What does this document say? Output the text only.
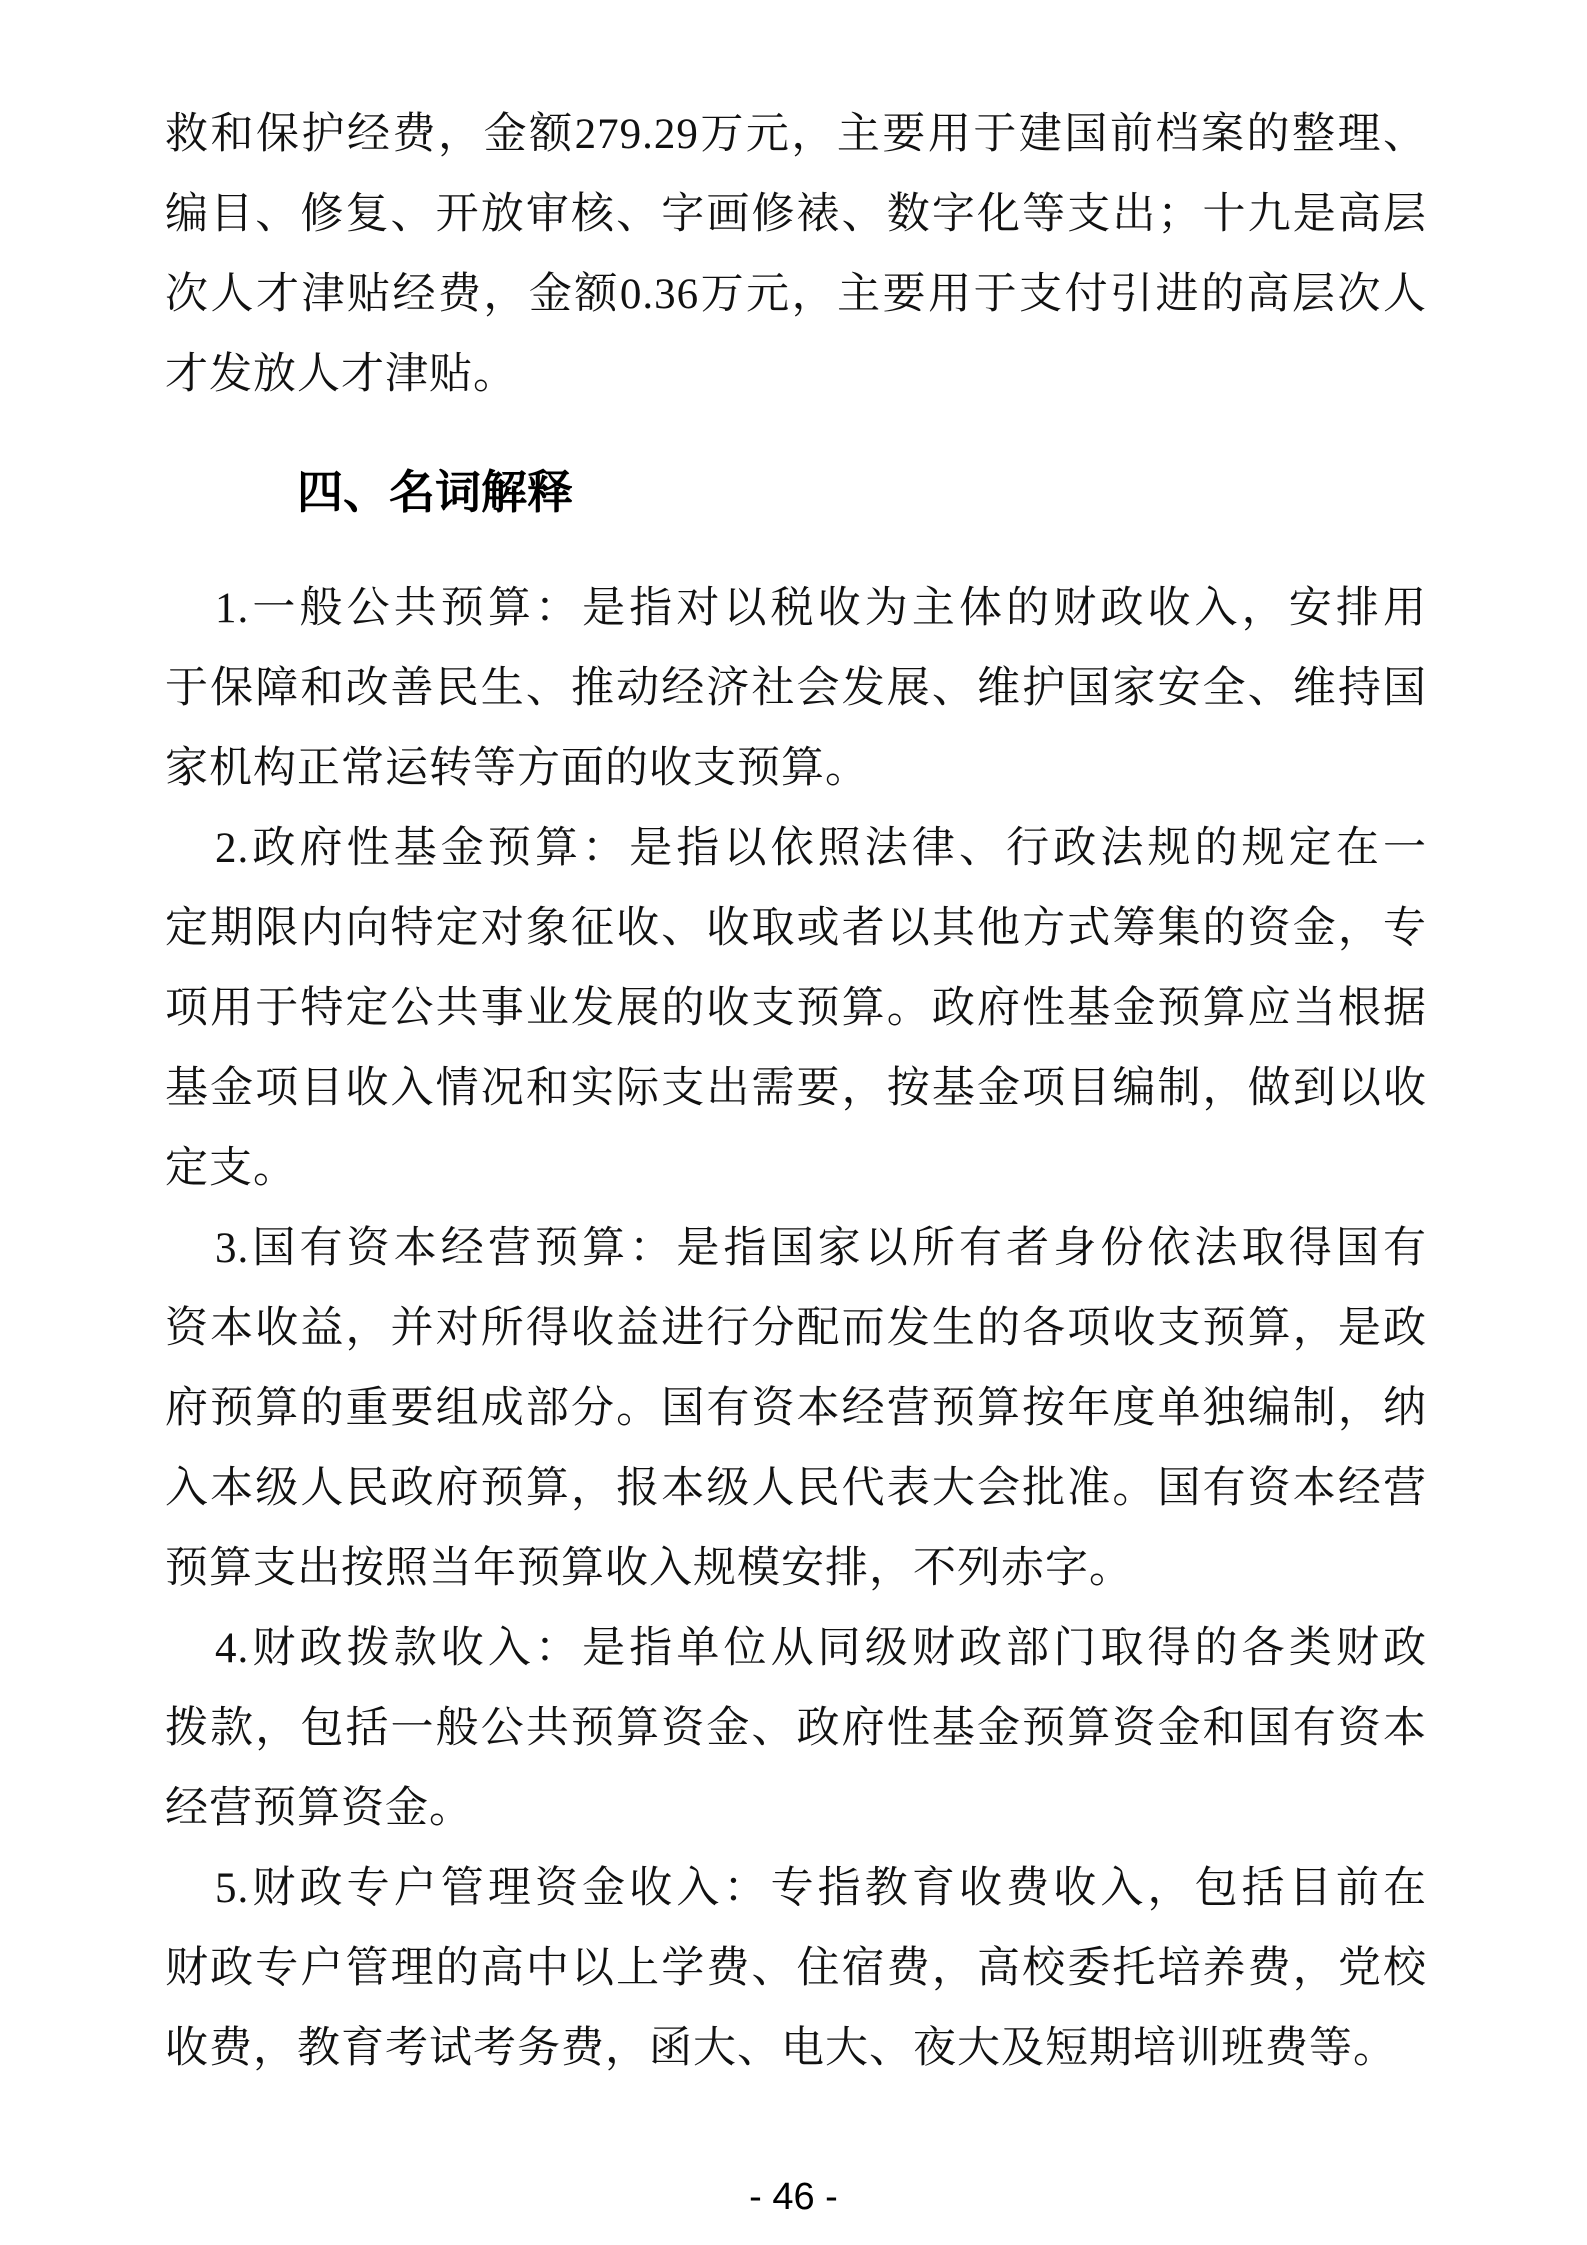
救和保护经费，金额279.29万元，主要用于建国前档案的整理、
编目、修复、开放审核、字画修裱、数字化等支出；十九是高层
次人才津贴经费，金额0.36万元，主要用于支付引进的高层次人
才发放人才津贴。
四、名词解释
1.一般公共预算：是指对以税收为主体的财政收入，安排用
于保障和改善民生、推动经济社会发展、维护国家安全、维持国
家机构正常运转等方面的收支预算。
2.政府性基金预算：是指以依照法律、行政法规的规定在一
定期限内向特定对象征收、收取或者以其他方式筹集的资金，专
项用于特定公共事业发展的收支预算。政府性基金预算应当根据
基金项目收入情况和实际支出需要，按基金项目编制，做到以收
定支。
3.国有资本经营预算：是指国家以所有者身份依法取得国有
资本收益，并对所得收益进行分配而发生的各项收支预算，是政
府预算的重要组成部分。国有资本经营预算按年度单独编制，纳
入本级人民政府预算，报本级人民代表大会批准。国有资本经营
预算支出按照当年预算收入规模安排，不列赤字。
4.财政拨款收入：是指单位从同级财政部门取得的各类财政
拨款，包括一般公共预算资金、政府性基金预算资金和国有资本
经营预算资金。
5.财政专户管理资金收入：专指教育收费收入，包括目前在
财政专户管理的高中以上学费、住宿费，高校委托培养费，党校
收费，教育考试考务费，函大、电大、夜大及短期培训班费等。
- 46 -
